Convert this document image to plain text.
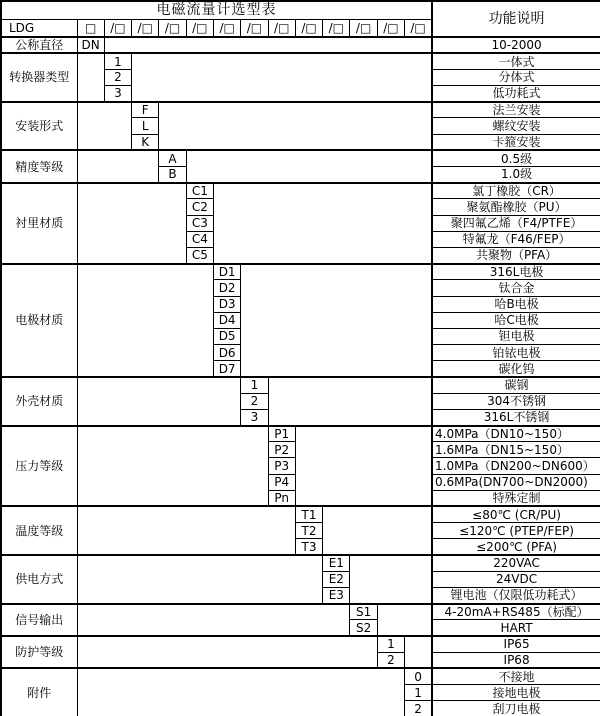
电磁流量计选型表														功能说明
LDG	□	/□	/□	/□	/□	/□	/□	/□	/□	/□	/□	/□	/□	
公称直径	DN													10-2000
转换器类型		1												一体式
		2												分体式
		3												低功耗式
安装形式			F											法兰安装
			L											螺纹安装
			K											卡箍安装
精度等级				A										0.5级
				B										1.0级
衬里材质					C1									氯丁橡胶（CR）
					C2									聚氨酯橡胶（PU）
					C3									聚四氟乙烯（F4/PTFE）
					C4									特氟龙（F46/FEP）
					C5									共聚物（PFA）
电极材质						D1								316L电极
						D2								钛合金
						D3								哈B电极
						D4								哈C电极
						D5								钽电极
						D6								铂铱电极
						D7								碳化钨
外壳材质							1							碳钢
							2							304不锈钢
							3							316L不锈钢
压力等级								P1						4.0MPa（DN10~150）
								P2						1.6MPa（DN15~150）
								P3						1.0MPa（DN200~DN600）
								P4						0.6MPa(DN700~DN2000)
								Pn						特殊定制
温度等级									T1					≤80℃ (CR/PU)
									T2					≤120℃ (PTEP/FEP)
									T3					≤200℃ (PFA)
供电方式										E1				220VAC
										E2				24VDC
										E3				锂电池（仅限低功耗式）
信号输出											S1			4-20mA+RS485（标配）
											S2			HART
防护等级												1		IP65
												2		IP68
附件													0	不接地
													1	接地电极
													2	刮刀电极
